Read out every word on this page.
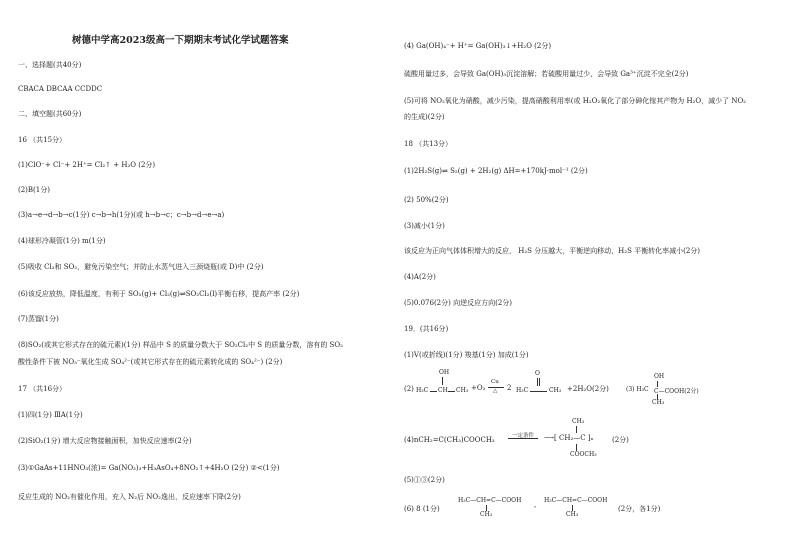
树德中学高2023级高一下期期末考试化学试题答案
一、选择题(共40分)
CBACA DBCAA CCDDC
二、填空题(共60分)
16 （共15分）
(1)ClO⁻+ Cl⁻+ 2H⁺= Cl₂↑ + H₂O (2分)
(2)B(1分)
(3)a→e→d→b→c(1分) c→b→h(1分)(或 h→b→c；c→b→d→e→a)
(4)球形冷凝管(1分) m(1分)
(5)吸收 Cl₂和 SO₂，避免污染空气；并防止水蒸气进入三颈烧瓶(或 D)中 (2分)
(6)该反应放热，降低温度，有利于 SO₂(g)+ Cl₂(g)⇌SO₂Cl₂(l)平衡右移，提高产率 (2分)
(7)蒸馏(1分)
(8)SO₂(或其它形式存在的硫元素)(1分) 样品中 S 的质量分数大于 SO₂Cl₂中 S 的质量分数，溶有的 SO₂
酸性条件下被 NO₃⁻氧化生成 SO₄²⁻(或其它形式存在的硫元素转化成的 SO₄²⁻) (2分)
17 （共16分）
(1)四(1分) ⅢA(1分)
(2)SiO₂(1分) 增大反应物接触面积，加快反应速率(2分)
(3)①GaAs+11HNO₃(浓)= Ga(NO₃)₃+H₃AsO₄+8NO₂↑+4H₂O (2分) ②<(1分)
反应生成的 NO₂有催化作用，充入 N₂后 NO₂逸出，反应速率下降(2分)
(4) Ga(OH)₄⁻+ H⁺= Ga(OH)₃↓+H₂O (2分)
硫酸用量过多，会导致 Ga(OH)₃沉淀溶解；若硫酸用量过少，会导致 Ga³⁺沉淀不完全(2分)
(5)可将 NO₂氧化为硝酸，减少污染，提高硝酸利用率(或 H₂O₂氧化了部分砷化镓其产物为 H₂O，减少了 NO₂
的生成)(2分)
18 （共13分）
(1)2H₂S(g)⇌ S₂(g) + 2H₂(g) ΔH=+170kJ·mol⁻¹ (2分)
(2) 50%(2分)
(3)减小(1分)
该反应为正向气体体积增大的反应， H₂S 分压越大，平衡逆向移动，H₂S 平衡转化率减小(2分)
(4)A(2分)
(5)0.076(2分) 向逆反应方向(2分)
19．(共16分)
(1)V(或折线)(1分) 羧基(1分) 加成(1分)
(2)
OH
H₃C CH CH₃ +O₂
Cu
△ 2
O
H₃C	CH₃ +2H₂O(2分)
OH
(3) H₃C C—COOH(2分)
CH₃
(4)nCH₂=C(CH₃)COOCH₃	一定条件
CH₃
⟶[ CH₂—C ]ₙ
COOCH₃
(2分)
(5)①③(2分)
(6) 8 (1分)
H₃C—CH=C—COOH
CH₃
,
H₃C—CH=C—COOH
CH₃
(2分，各1分)
